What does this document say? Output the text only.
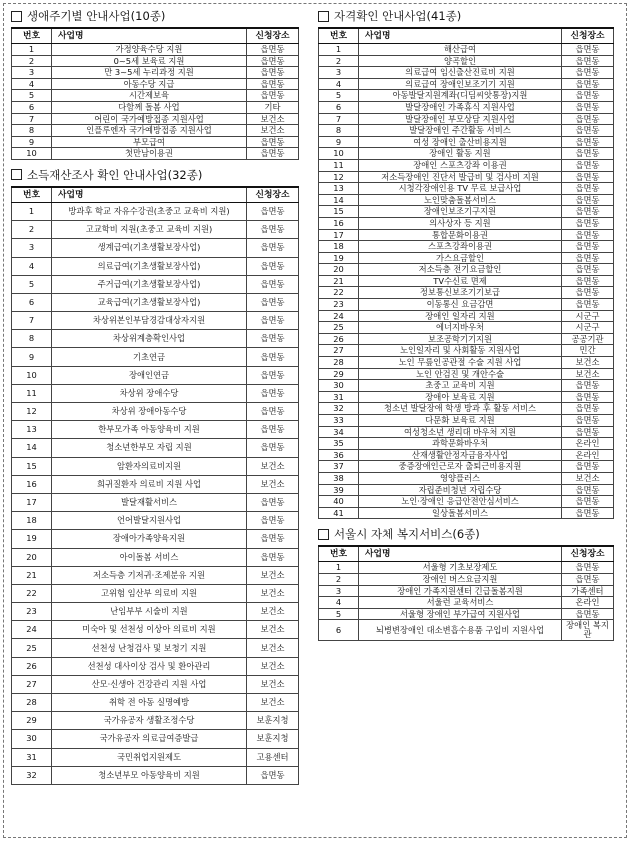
생애주기별 안내사업(10종)
번호	사업명	신청장소
1	가정양육수당 지원	읍면동
2	0~5세 보육료 지원	읍면동
3	만 3~5세 누리과정 지원	읍면동
4	아동수당 지급	읍면동
5	시간제보육	읍면동
6	다함께 돌봄 사업	기타
7	어린이 국가예방접종 지원사업	보건소
8	인플루엔자 국가예방접종 지원사업	보건소
9	부모급여	읍면동
10	첫만남이용권	읍면동
소득재산조사 확인 안내사업(32종)
번호	사업명	신청장소
1	방과후 학교 자유수강권(초중고 교육비 지원)	읍면동
2	고교학비 지원(초중고 교육비 지원)	읍면동
3	생계급여(기초생활보장사업)	읍면동
4	의료급여(기초생활보장사업)	읍면동
5	주거급여(기초생활보장사업)	읍면동
6	교육급여(기초생활보장사업)	읍면동
7	차상위본인부담경감대상자지원	읍면동
8	차상위계층확인사업	읍면동
9	기초연금	읍면동
10	장애인연금	읍면동
11	차상위 장애수당	읍면동
12	차상위 장애아동수당	읍면동
13	한부모가족 아동양육비 지원	읍면동
14	청소년한부모 자립 지원	읍면동
15	암환자의료비지원	보건소
16	희귀질환자 의료비 지원 사업	보건소
17	발달재활서비스	읍면동
18	언어발달지원사업	읍면동
19	장애아가족양육지원	읍면동
20	아이돌봄 서비스	읍면동
21	저소득층 기저귀·조제분유 지원	보건소
22	고위험 임산부 의료비 지원	보건소
23	난임부부 시술비 지원	보건소
24	미숙아 및 선천성 이상아 의료비 지원	보건소
25	선천성 난청검사 및 보청기 지원	보건소
26	선천성 대사이상 검사 및 환아관리	보건소
27	산모·신생아 건강관리 지원 사업	보건소
28	취학 전 아동 실명예방	보건소
29	국가유공자 생활조정수당	보훈지청
30	국가유공자 의료급여증발급	보훈지청
31	국민취업지원제도	고용센터
32	청소년부모 아동양육비 지원	읍면동
자격확인 안내사업(41종)
번호	사업명	신청장소
1	해산급여	읍면동
2	양곡할인	읍면동
3	의료급여 임신출산진료비 지원	읍면동
4	의료급여 장애인보조기기 지원	읍면동
5	아동발달지원계좌(디딤씨앗통장)지원	읍면동
6	발달장애인 가족휴식 지원사업	읍면동
7	발달장애인 부모상담 지원사업	읍면동
8	발달장애인 주간활동 서비스	읍면동
9	여성 장애인 출산비용지원	읍면동
10	장애인 활동 지원	읍면동
11	장애인 스포츠강좌 이용권	읍면동
12	저소득장애인 진단서 발급비 및 검사비 지원	읍면동
13	시청각장애인용 TV 무료 보급사업	읍면동
14	노인맞춤돌봄서비스	읍면동
15	장애인보조기구지원	읍면동
16	의사상자 등 지원	읍면동
17	통합문화이용권	읍면동
18	스포츠강좌이용권	읍면동
19	가스요금할인	읍면동
20	저소득층 전기요금할인	읍면동
21	TV수신료 면제	읍면동
22	정보통신보조기기보급	읍면동
23	이동통신 요금감면	읍면동
24	장애인 일자리 지원	시군구
25	에너지바우처	시군구
26	보조공학기기지원	공공기관
27	노인일자리 및 사회활동 지원사업	민간
28	노인 무릎인공관절 수술 지원 사업	보건소
29	노인 안검진 및 개안수술	보건소
30	초중고 교육비 지원	읍면동
31	장애아 보육료 지원	읍면동
32	청소년 발달장애 학생 방과 후 활동 서비스	읍면동
33	다문화 보육료 지원	읍면동
34	여성청소년 생리대 바우처 지원	읍면동
35	과학문화바우처	온라인
36	산재생활안정자금융자사업	온라인
37	중증장애인근로자 출퇴근비용지원	읍면동
38	영양플러스	보건소
39	자립준비청년 자립수당	읍면동
40	노인·장애인 응급안전안심서비스	읍면동
41	일상돌봄서비스	읍면동
서울시 자체 복지서비스(6종)
번호	사업명	신청장소
1	서울형 기초보장제도	읍면동
2	장애인 버스요금지원	읍면동
3	장애인 가족지원센터 긴급돌봄지원	가족센터
4	서울런 교육서비스	온라인
5	서울형 장애인 부가급여 지원사업	읍면동
6	뇌병변장애인 대소변흡수용품 구입비 지원사업	장애인 복지관
